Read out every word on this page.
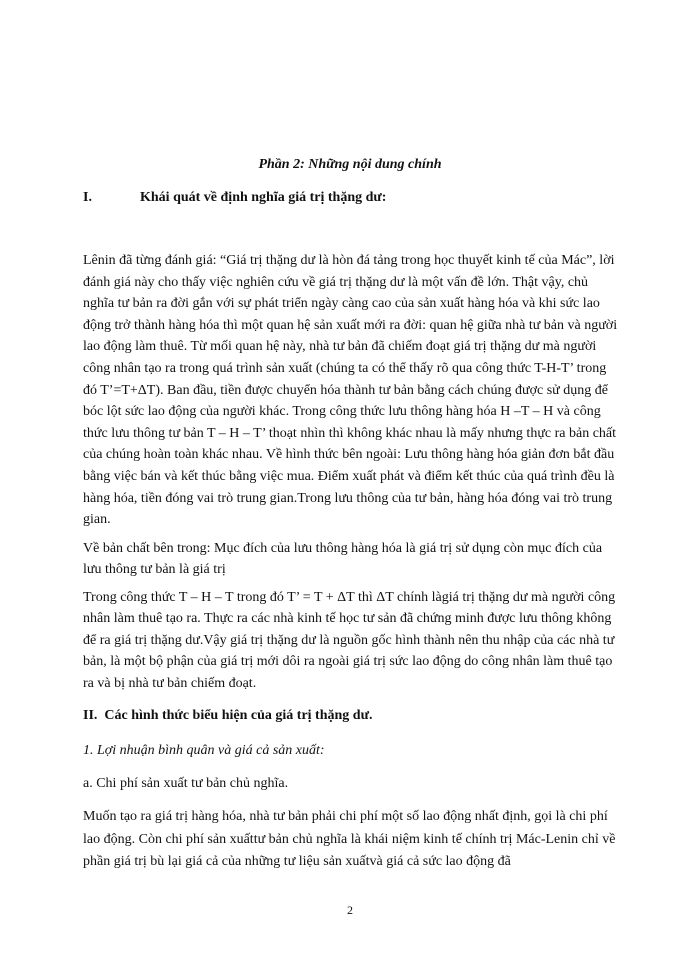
Phần 2: Những nội dung chính
I.	Khái quát về định nghĩa giá trị thặng dư:

Lênin đã từng đánh giá: “Giá trị thặng dư là hòn đá tảng trong học thuyết kinh tế của Mác”, lời đánh giá này cho thấy việc nghiên cứu về giá trị thặng dư là một vấn đề lớn. Thật vậy, chủ nghĩa tư bản ra đời gắn với sự phát triển ngày càng cao của sản xuất hàng hóa và khi sức lao động trở thành hàng hóa thì một quan hệ sản xuất mới ra đời: quan hệ giữa nhà tư bản và người lao động làm thuê. Từ mối quan hệ này, nhà tư bản đã chiếm đoạt giá trị thặng dư mà người công nhân tạo ra trong quá trình sản xuất (chúng ta có thể thấy rõ qua công thức T-H-T’ trong đó T’=T+ΔT). Ban đầu, tiền được chuyển hóa thành tư bản bằng cách chúng được sử dụng để bóc lột sức lao động của người khác. Trong công thức lưu thông hàng hóa H –T – H và công thức lưu thông tư bản T – H – T’ thoạt nhìn thì không khác nhau là mấy nhưng thực ra bản chất của chúng hoàn toàn khác nhau. Về hình thức bên ngoài: Lưu thông hàng hóa giản đơn bắt đầu bằng việc bán và kết thúc bằng việc mua. Điểm xuất phát và điểm kết thúc của quá trình đều là hàng hóa, tiền đóng vai trò trung gian.Trong lưu thông của tư bản, hàng hóa đóng vai trò trung gian.

Về bản chất bên trong: Mục đích của lưu thông hàng hóa là giá trị sử dụng còn mục đích của lưu thông tư bản là giá trị

Trong công thức T – H – T trong đó T’ = T + ΔT thì ΔT chính làgiá trị thặng dư mà người công nhân làm thuê tạo ra. Thực ra các nhà kinh tế học tư sản đã chứng minh được lưu thông không để ra giá trị thặng dư.Vậy giá trị thặng dư là nguồn gốc hình thành nên thu nhập của các nhà tư bản, là một bộ phận của giá trị mới dôi ra ngoài giá trị sức lao động do công nhân làm thuê tạo ra và bị nhà tư bản chiếm đoạt.

II. Các hình thức biểu hiện của giá trị thặng dư.
1. Lợi nhuận bình quân và giá cả sản xuất:
a. Chi phí sản xuất tư bản chủ nghĩa.

Muốn tạo ra giá trị hàng hóa, nhà tư bản phải chi phí một số lao động nhất định, gọi là chi phí lao động. Còn chi phí sản xuấttư bản chủ nghĩa là khái niệm kinh tế chính trị Mác-Lenin chỉ về phần giá trị bù lại giá cả của những tư liệu sản xuấtvà giá cả sức lao động đã

2
